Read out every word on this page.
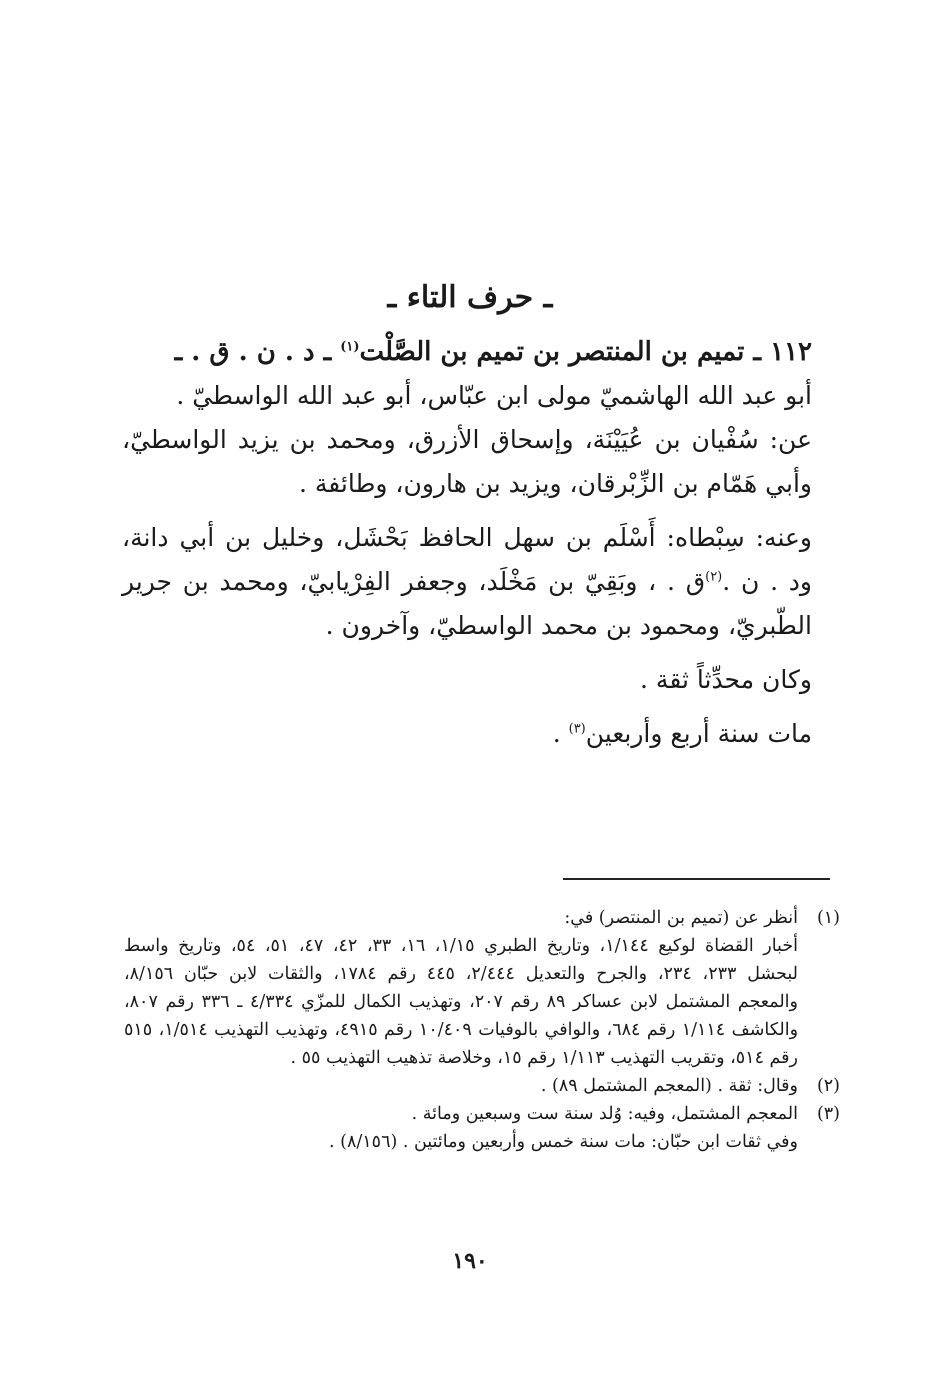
ـ حرف التاء ـ

١١٢ ـ تميم بن المنتصر بن تميم بن الصَّلْت$^{(١)}$ ـ د . ن . ق . ـ

أبو عبد الله الهاشميّ مولى ابن عبّاس، أبو عبد الله الواسطيّ .

عن: سُفْيان بن عُيَيْنَة، وإسحاق الأزرق، ومحمد بن يزيد الواسطيّ، وأبي هَمّام بن الزِّبْرقان، ويزيد بن هارون، وطائفة .

وعنه: سِبْطاه: أَسْلَم بن سهل الحافظ بَحْشَل، وخليل بن أبي دانة، ود . ن .$^{(٢)}$ق . ، وبَقِيّ بن مَخْلَد، وجعفر الفِرْيابيّ، ومحمد بن جرير الطّبريّ، ومحمود بن محمد الواسطيّ، وآخرون .

وكان محدِّثاً ثقة .

مات سنة أربع وأربعين$^{(٣)}$ .

(١)

أنظر عن (تميم بن المنتصر) في:

أخبار القضاة لوكيع ١/١٤٤، وتاريخ الطبري ١/١٥، ١٦، ٣٣، ٤٢، ٤٧، ٥١، ٥٤، وتاريخ واسط لبحشل ٢٣٣، ٢٣٤، والجرح والتعديل ٢/٤٤٤، ٤٤٥ رقم ١٧٨٤، والثقات لابن حبّان ٨/١٥٦، والمعجم المشتمل لابن عساكر ٨٩ رقم ٢٠٧، وتهذيب الكمال للمزّي ٤/٣٣٤ ـ ٣٣٦ رقم ٨٠٧، والكاشف ١/١١٤ رقم ٦٨٤، والوافي بالوفيات ١٠/٤٠٩ رقم ٤٩١٥، وتهذيب التهذيب ١/٥١٤، ٥١٥ رقم ٥١٤، وتقريب التهذيب ١/١١٣ رقم ١٥، وخلاصة تذهيب التهذيب ٥٥ .

(٢)

وقال: ثقة . (المعجم المشتمل ٨٩) .

(٣)

المعجم المشتمل، وفيه: وُلد سنة ست وسبعين ومائة .

وفي ثقات ابن حبّان: مات سنة خمس وأربعين ومائتين . (٨/١٥٦) .

١٩٠
